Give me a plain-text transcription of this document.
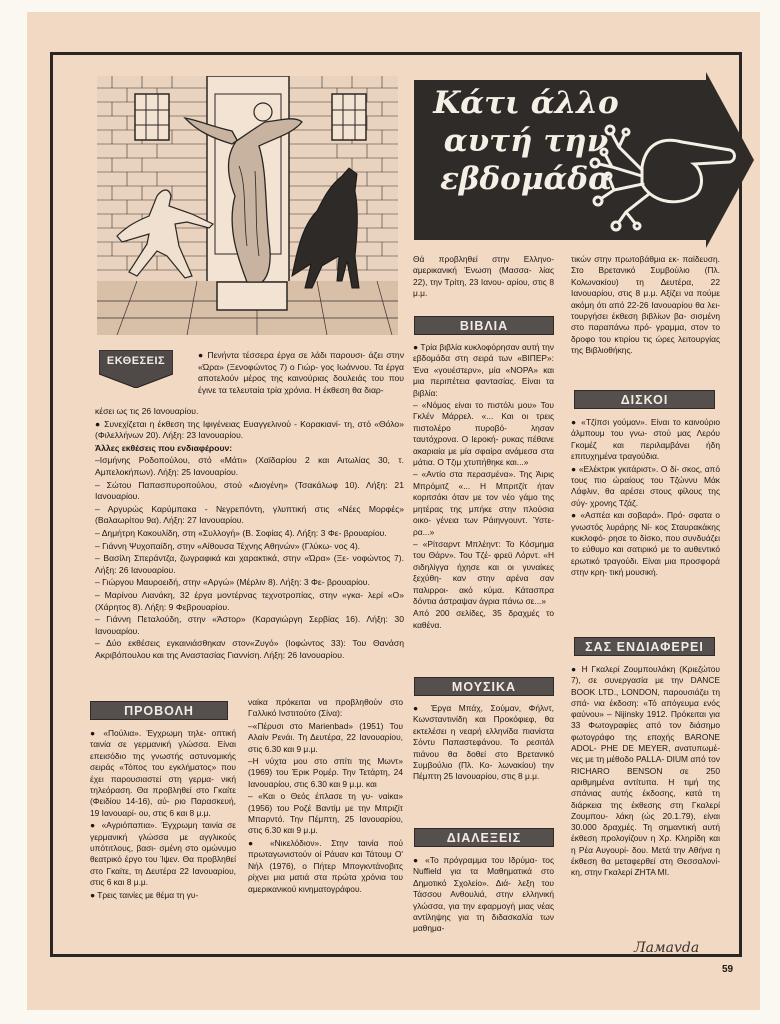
Κάτι άλλο αυτή την εβδομάδα
ΕΚΘΕΣΕΙΣ	● Πενήντα τέσσερα έργα σε λάδι παρουσι- άζει στην «Ώρα» (Ξενοφώντος 7) ο Γιώρ- γος Ιωάννου. Τα έργα αποτελούν μέρος της καινούριας δουλειάς του που έγινε τα τελευταία τρία χρόνια. Η έκθεση θα διαρ-

κέσει ως τις 26 Ιανουαρίου.

● Συνεχίζεται η έκθεση της Ιφιγένειας Ευαγγελινού - Κορακιανί- τη, στό «Θόλο» (Φιλελλήνων 20). Λήξη: 23 Ιανουαρίου.

Άλλες εκθέσεις που ενδιαφέρουν:

–Ισμήνης Ροδοπούλου, στό «Μάτι» (Χαϊδαρίου 2 και Αιτωλίας 30, τ. Αμπελοκήπων). Λήξη: 25 Ιανουαρίου.

– Σώτου Παπασπυροπούλου, στού «Διογένη» (Τσακάλωφ 10). Λήξη: 21 Ιανουαρίου.

– Αργυρώς Καρύμπακα - Νεγρεπόντη, γλυπτική στις «Νέες Μορφές» (Βαλαωρίτου 9α). Λήξη: 27 Ιανουαρίου.

– Δημήτρη Κακουλίδη, στη «Συλλογή» (Β. Σοφίας 4). Λήξη: 3 Φε- βρουαρίου.

– Γιάννη Ψυχοπαίδη, στην «Αίθουσα Τέχνης Αθηνών» (Γλύκω- νος 4).

– Βασίλη Σπεράντζα, ζωγραφικά και χαρακτικά, στην «Ώρα» (Ξε- νοφώντος 7). Λήξη: 26 Ιανουαρίου.

– Γιώργου Μαυροειδή, στην «Αργώ» (Μέρλιν 8). Λήξη: 3 Φε- βρουαρίου.

– Μαρίνου Λιανάκη, 32 έργα μοντέρνας τεχνοτροπίας, στην «γκα- λερί «Ο» (Χάρητος 8). Λήξη: 9 Φεβρουαρίου.

– Γιάννη Πεταλούδη, στην «Άστορ» (Καραγιώργη Σερβίας 16). Λήξη: 30 Ιανουαρίου.

– Δύο εκθέσεις εγκαινιάσθηκαν στον«Ζυγό» (Ιοφώντος 33): Του Θανάση Ακριβόπουλου και της Αναστασίας Γιαννίση. Λήξη: 26 Ιανουαρίου.

ΠΡΟΒΟΛΗ

● «Πούλια». Έγχρωμη τηλε- οπτική ταινία σε γερμανική γλώσσα. Είναι επεισόδιο της γνωστής αστυνομικής σειράς «Τόπος του εγκλήματος» που έχει παρουσιαστεί στη γερμα- νική τηλεόραση. Θα προβληθεί στο Γκαίτε (Φειδίου 14-16), αύ- ριο Παρασκευή, 19 Ιανουαρί- ου, στις 6 και 8 μ.μ.

● «Αγριόπαπια». Έγχρωμη ταινία σε γερμανική γλώσσα με αγγλικούς υπότιτλους, βασι- σμένη στο ομώνυμο θεατρικό έργο του Ίψεν. Θα προβληθεί στο Γκαίτε, τη Δευτέρα 22 Ιανουαρίου, στις 6 και 8 μ.μ.

● Τρεις ταινίες με θέμα τη γυ-

ναίκα πρόκειται να προβληθούν στο Γαλλικό Ινστιτούτο (Σίνα):

–«Πέρυσι στο Marienbad» (1951) Του Αλαίν Ρενάι. Τη Δευτέρα, 22 Ιανουαρίου, στις 6.30 και 9 μ.μ.

–Η νύχτα μου στο σπίτι της Μωντ» (1969) του Έρικ Ρομέρ. Την Τετάρτη, 24 Ιανουαρίου, στις 6.30 και 9 μ.μ. και

– «Και ο Θεός έπλασε τη γυ- ναίκα» (1956) του Ροζέ Βαντίμ με την Μπριζίτ Μπαρντό. Την Πέμπτη, 25 Ιανουαρίου, στις 6.30 και 9 μ.μ.

● «Νικελόδιον». Στην ταινία πού πρωταγωνιστούν οί Ράυαν και Τάτουμ Ο' Νήλ (1976), ο Πήτερ Μπογκντάνοβιτς ρίχνει μια ματιά στα πρώτα χρόνια του αμερικανικού κινηματογράφου.

Θά προβληθεί στην Ελληνο- αμερικανική Ένωση (Μασσα- λίας 22), την Τρίτη, 23 Ιανου- αρίου, στις 8 μ.μ.
ΒΙΒΛΙΑ

● Τρία βιβλία κυκλοφόρησαν αυτή την εβδομάδα στη σειρά των «ΒΙΠΕΡ»: Ένα «γουέστερν», μία «ΝΟΡΑ» και μια περιπέτεια φαντασίας. Είναι τα βιβλία:

– «Νόμος είναι το πιστόλι μου» Του Γκλέν Μάρρελ. «... Και οι τρεις πιστολέρο πυροβό- λησαν ταυτόχρονα. Ο Ιεροκή- ρυκας πέθανε ακαριαία με μία σφαίρα ανάμεσα στα μάτια. Ο Τζιμ χτυπήθηκε και...»

– «Αντίο στα περασμένα». Της Άιρις Μπρόμιτζ «... Η Μπριτζίτ ήταν κοριτσάκι όταν με τον νέο γάμο της μητέρας της μπήκε στην πλούσια οικο- γένεια των Ράιηνγουντ. Ύστε- ρα...»

– «Ρίτσαρντ Μπλέηντ: Το Κόσμημα του Θάρν». Του Τζέ- φρεϋ Λόρντ. «Η σιδηλίγγα ήχησε και οι γυναίκες ξεχύθη- καν στην αρένα σαν παλιρροι- ακό κύμα. Κάτασπρα δόντια άστραψαν άγρια πάνω σε...»

Από 200 σελίδες, 35 δραχμές το καθένα.

ΜΟΥΣΙΚΑ
● Έργα Μπάχ, Σούμαν, Φήλντ, Κωνσταντινίδη και Προκόφιεφ, θα εκτελέσει η νεαρή ελληνίδα πιανίστα Σόντυ Παπαστεφάνου. Το ρεσιτάλ πιάνου θα δοθεί στο Βρετανικό Συμβούλιο (Πλ. Κο- λωνακίου) την Πέμπτη 25 Ιανουαρίου, στις 8 μ.μ.
ΔΙΑΛΕΞΕΙΣ
● «Το πρόγραμμα του Ιδρύμα- τος Nuffield για τα Μαθηματικά στο Δημοτικό Σχολείο». Διά- λεξη του Τάσσου Ανθουλιά, στην ελληνική γλώσσα, για την εφαρμογή μιας νέας αντίληψης για τη διδασκαλία των μαθημα-
τικών στην πρωτοβάθμια εκ- παίδευση. Στο Βρετανικό Συμβούλιο (Πλ. Κολωνακίου) τη Δευτέρα, 22 Ιανουαρίου, στις 8 μ.μ. Αξίζει να πούμε ακόμη ότι από 22-26 Ιανουαρίου θα λει- τουργήσει έκθεση βιβλίων βα- σισμένη στο παραπάνω πρό- γραμμα, στον το δροφο του κτιρίου τις ώρες λειτουργίας της Βιβλιοθήκης.
ΔΙΣΚΟΙ

● «Τζίπσι γούμαν». Είναι το καινούριο άλμπουμ του γνω- στού μας Λερόυ Γκομέζ και περιλαμβάνει ήδη επιτυχημένα τραγούδια.

● «Ελέκτρικ γκιτάριστ». Ο δί- σκος, από τους πιο ώραίους του Τζώννυ Μάκ Λάφλιν, θα αρέσει στους φίλους της σύγ- χρονης Τζάζ.

● «Ασπέα και σοβαρά». Πρό- σφατα ο γνωστός λυράρης Νί- κος Σταυρακάκης κυκλοφό- ρησε το δίσκο, που συνδυάζει το εύθυμο και σατιρικό με το αυθεντικό ερωτικό τραγούδι. Είναι μια προσφορά στην κρη- τική μουσική.

ΣΑΣ ΕΝΔΙΑΦΕΡΕΙ
● Η Γκαλερί Ζουμπουλάκη (Κριεζώτου 7), σε συνεργασία με την DANCE BOOK LTD., LONDON, παρουσιάζει τη σπά- νια έκδοση: «Τό απόγευμα ενός φαύνου» – Nijinsky 1912. Πρόκειται για 33 Φωτογραφίες από τον διάσημο φωτογράφο της εποχής BARONE ADOL- PHE DE MEYER, ανατυπωμέ- νες με τη μέθοδο PALLA- DIUM από τον RICHARO BENSON σε 250 αριθμημένα αντίτυπα. Η τιμή της σπάνιας αυτής έκδοσης, κατά τη διάρκεια της έκθεσης στη Γκαλερί Ζουμπου- λάκη (ώς 20.1.79), είναι 30.000 δραχμές. Τη σημαντική αυτή έκθεση προλογίζουν η Χρ. Κληρίδη και η Ρέα Αυγουρί- δου. Μετά την Αθήνα η έκθεση θα μεταφερθεί στη Θεσσαλονί- κη, στην Γκαλερί ΖΗΤΑ ΜΙ.
Ламаvda
59
